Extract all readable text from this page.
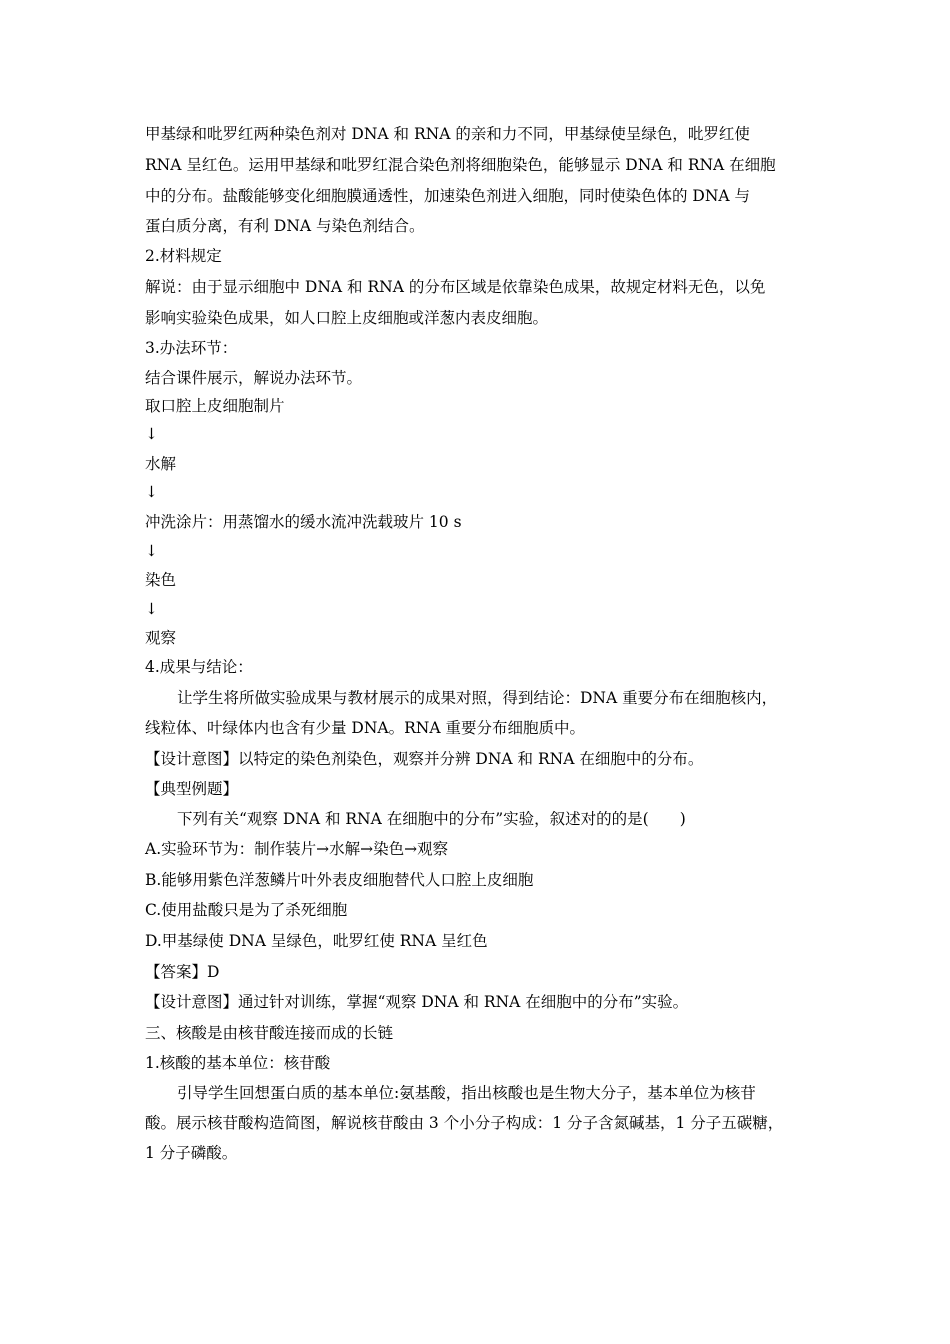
甲基绿和吡罗红两种染色剂对 DNA 和 RNA 的亲和力不同，甲基绿使呈绿色，吡罗红使
RNA 呈红色。运用甲基绿和吡罗红混合染色剂将细胞染色，能够显示 DNA 和 RNA 在细胞
中的分布。盐酸能够变化细胞膜通透性，加速染色剂进入细胞，同时使染色体的 DNA 与
蛋白质分离，有利 DNA 与染色剂结合。
2.材料规定
解说：由于显示细胞中 DNA 和 RNA 的分布区域是依靠染色成果，故规定材料无色，以免
影响实验染色成果，如人口腔上皮细胞或洋葱内表皮细胞。
3.办法环节：
结合课件展示，解说办法环节。
取口腔上皮细胞制片
↓
水解
↓
冲洗涂片：用蒸馏水的缓水流冲洗载玻片 10 s
↓
染色
↓
观察
4.成果与结论：
让学生将所做实验成果与教材展示的成果对照，得到结论：DNA 重要分布在细胞核内，
线粒体、叶绿体内也含有少量 DNA。RNA 重要分布细胞质中。
【设计意图】以特定的染色剂染色，观察并分辨 DNA 和 RNA 在细胞中的分布。
【典型例题】
下列有关“观察 DNA 和 RNA 在细胞中的分布”实验，叙述对的的是(　　)
A.实验环节为：制作装片→水解→染色→观察
B.能够用紫色洋葱鳞片叶外表皮细胞替代人口腔上皮细胞
C.使用盐酸只是为了杀死细胞
D.甲基绿使 DNA 呈绿色，吡罗红使 RNA 呈红色
【答案】D
【设计意图】通过针对训练，掌握“观察 DNA 和 RNA 在细胞中的分布”实验。
三、核酸是由核苷酸连接而成的长链
1.核酸的基本单位：核苷酸
引导学生回想蛋白质的基本单位:氨基酸，指出核酸也是生物大分子，基本单位为核苷
酸。展示核苷酸构造简图，解说核苷酸由 3 个小分子构成：1 分子含氮碱基，1 分子五碳糖，
1 分子磷酸。
